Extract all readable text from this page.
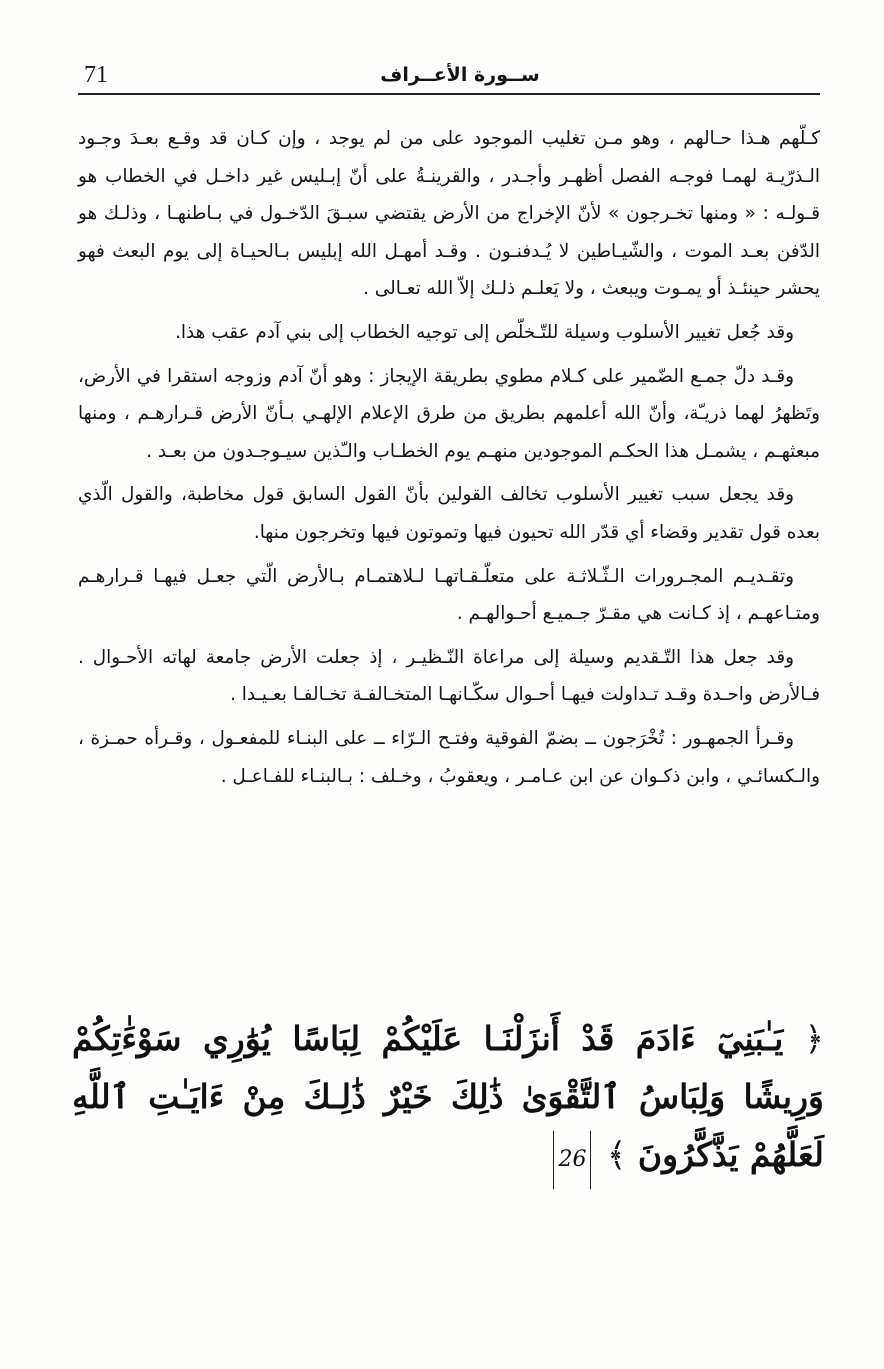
71	ســورة الأعــراف

كـلّهم هـذا حـالهم ، وهو مـن تغليب الموجود على من لم يوجد ، وإن كـان قد وقـع بعـدَ وجـود الـذرّيـة لهمـا فوجـه الفصل أظهـر وأجـدر ، والقرينـةُ على أنّ إبـليس غير داخـل في الخطاب هو قـولـه : « ومنها تخـرجون » لأنّ الإخراج من الأرض يقتضي سبـقَ الدّخـول في بـاطنهـا ، وذلـك هو الدّفن بعـد الموت ، والشّيـاطين لا يُـدفنـون . وقـد أمهـل الله إبليس بـالحيـاة إلى يوم البعث فهو يحشر حينئـذ أو يمـوت ويبعث ، ولا يَعلـم ذلـك إلاّ الله تعـالى .

وقد جُعل تغيير الأسلوب وسيلة للتّـخلّص إلى توجيه الخطاب إلى بني آدم عقب هذا.

وقـد دلّ جمـع الضّمير على كـلام مطوي بطريقة الإيجاز : وهو أنّ آدم وزوجه استقرا في الأرض، وتَظهرُ لهما ذريـّة، وأنّ الله أعلمهم بطريق من طرق الإعلام الإلهـي بـأنّ الأرض قـرارهـم ، ومنها مبعثهـم ، يشمـل هذا الحكـم الموجودين منهـم يوم الخطـاب والـّذين سيـوجـدون من بعـد .

وقد يجعل سبب تغيير الأسلوب تخالف القولين بأنّ القول السابق قول مخاطبة، والقول الّذي بعده قول تقدير وقضاء أي قدّر الله تحيون فيها وتموتون فيها وتخرجون منها.

وتقـديـم المجـرورات الـثّـلاثـة على متعلّـقـاتهـا لـلاهتمـام بـالأرض الّتي جعـل فيهـا قـرارهـم ومتـاعهـم ، إذ كـانت هي مقـرّ جـميـع أحـوالهـم .

وقد جعل هذا التّـقديم وسيلة إلى مراعاة النّـظيـر ، إذ جعلت الأرض جامعة لهاته الأحـوال . فـالأرض واحـدة وقـد تـداولت فيهـا أحـوال سكّـانهـا المتخـالفـة تخـالفـا بعـيـدا .

وقـرأ الجمهـور : تُخْرَجون ــ بضمّ الفوقية وفتـح الـرّاء ــ على البنـاء للمفعـول ، وقـرأه حمـزة ، والـكسائـي ، وابن ذكـوان عن ابن عـامـر ، ويعقوبُ ، وخـلف : بـالبنـاء للفـاعـل .

﴿ يَـٰبَنِيٓ ءَادَمَ قَدْ أَنزَلْنَـا عَلَيْكُمْ لِبَاسًا يُوَٰرِي سَوْءَٰتِكُمْ وَرِيشًا وَلِبَاسُ ٱلتَّقْوَىٰ ذَٰلِكَ خَيْرٌ ذَٰلِـكَ مِنْ ءَايَـٰتِ ٱللَّهِ لَعَلَّهُمْ يَذَّكَّرُونَ ﴾ 26
